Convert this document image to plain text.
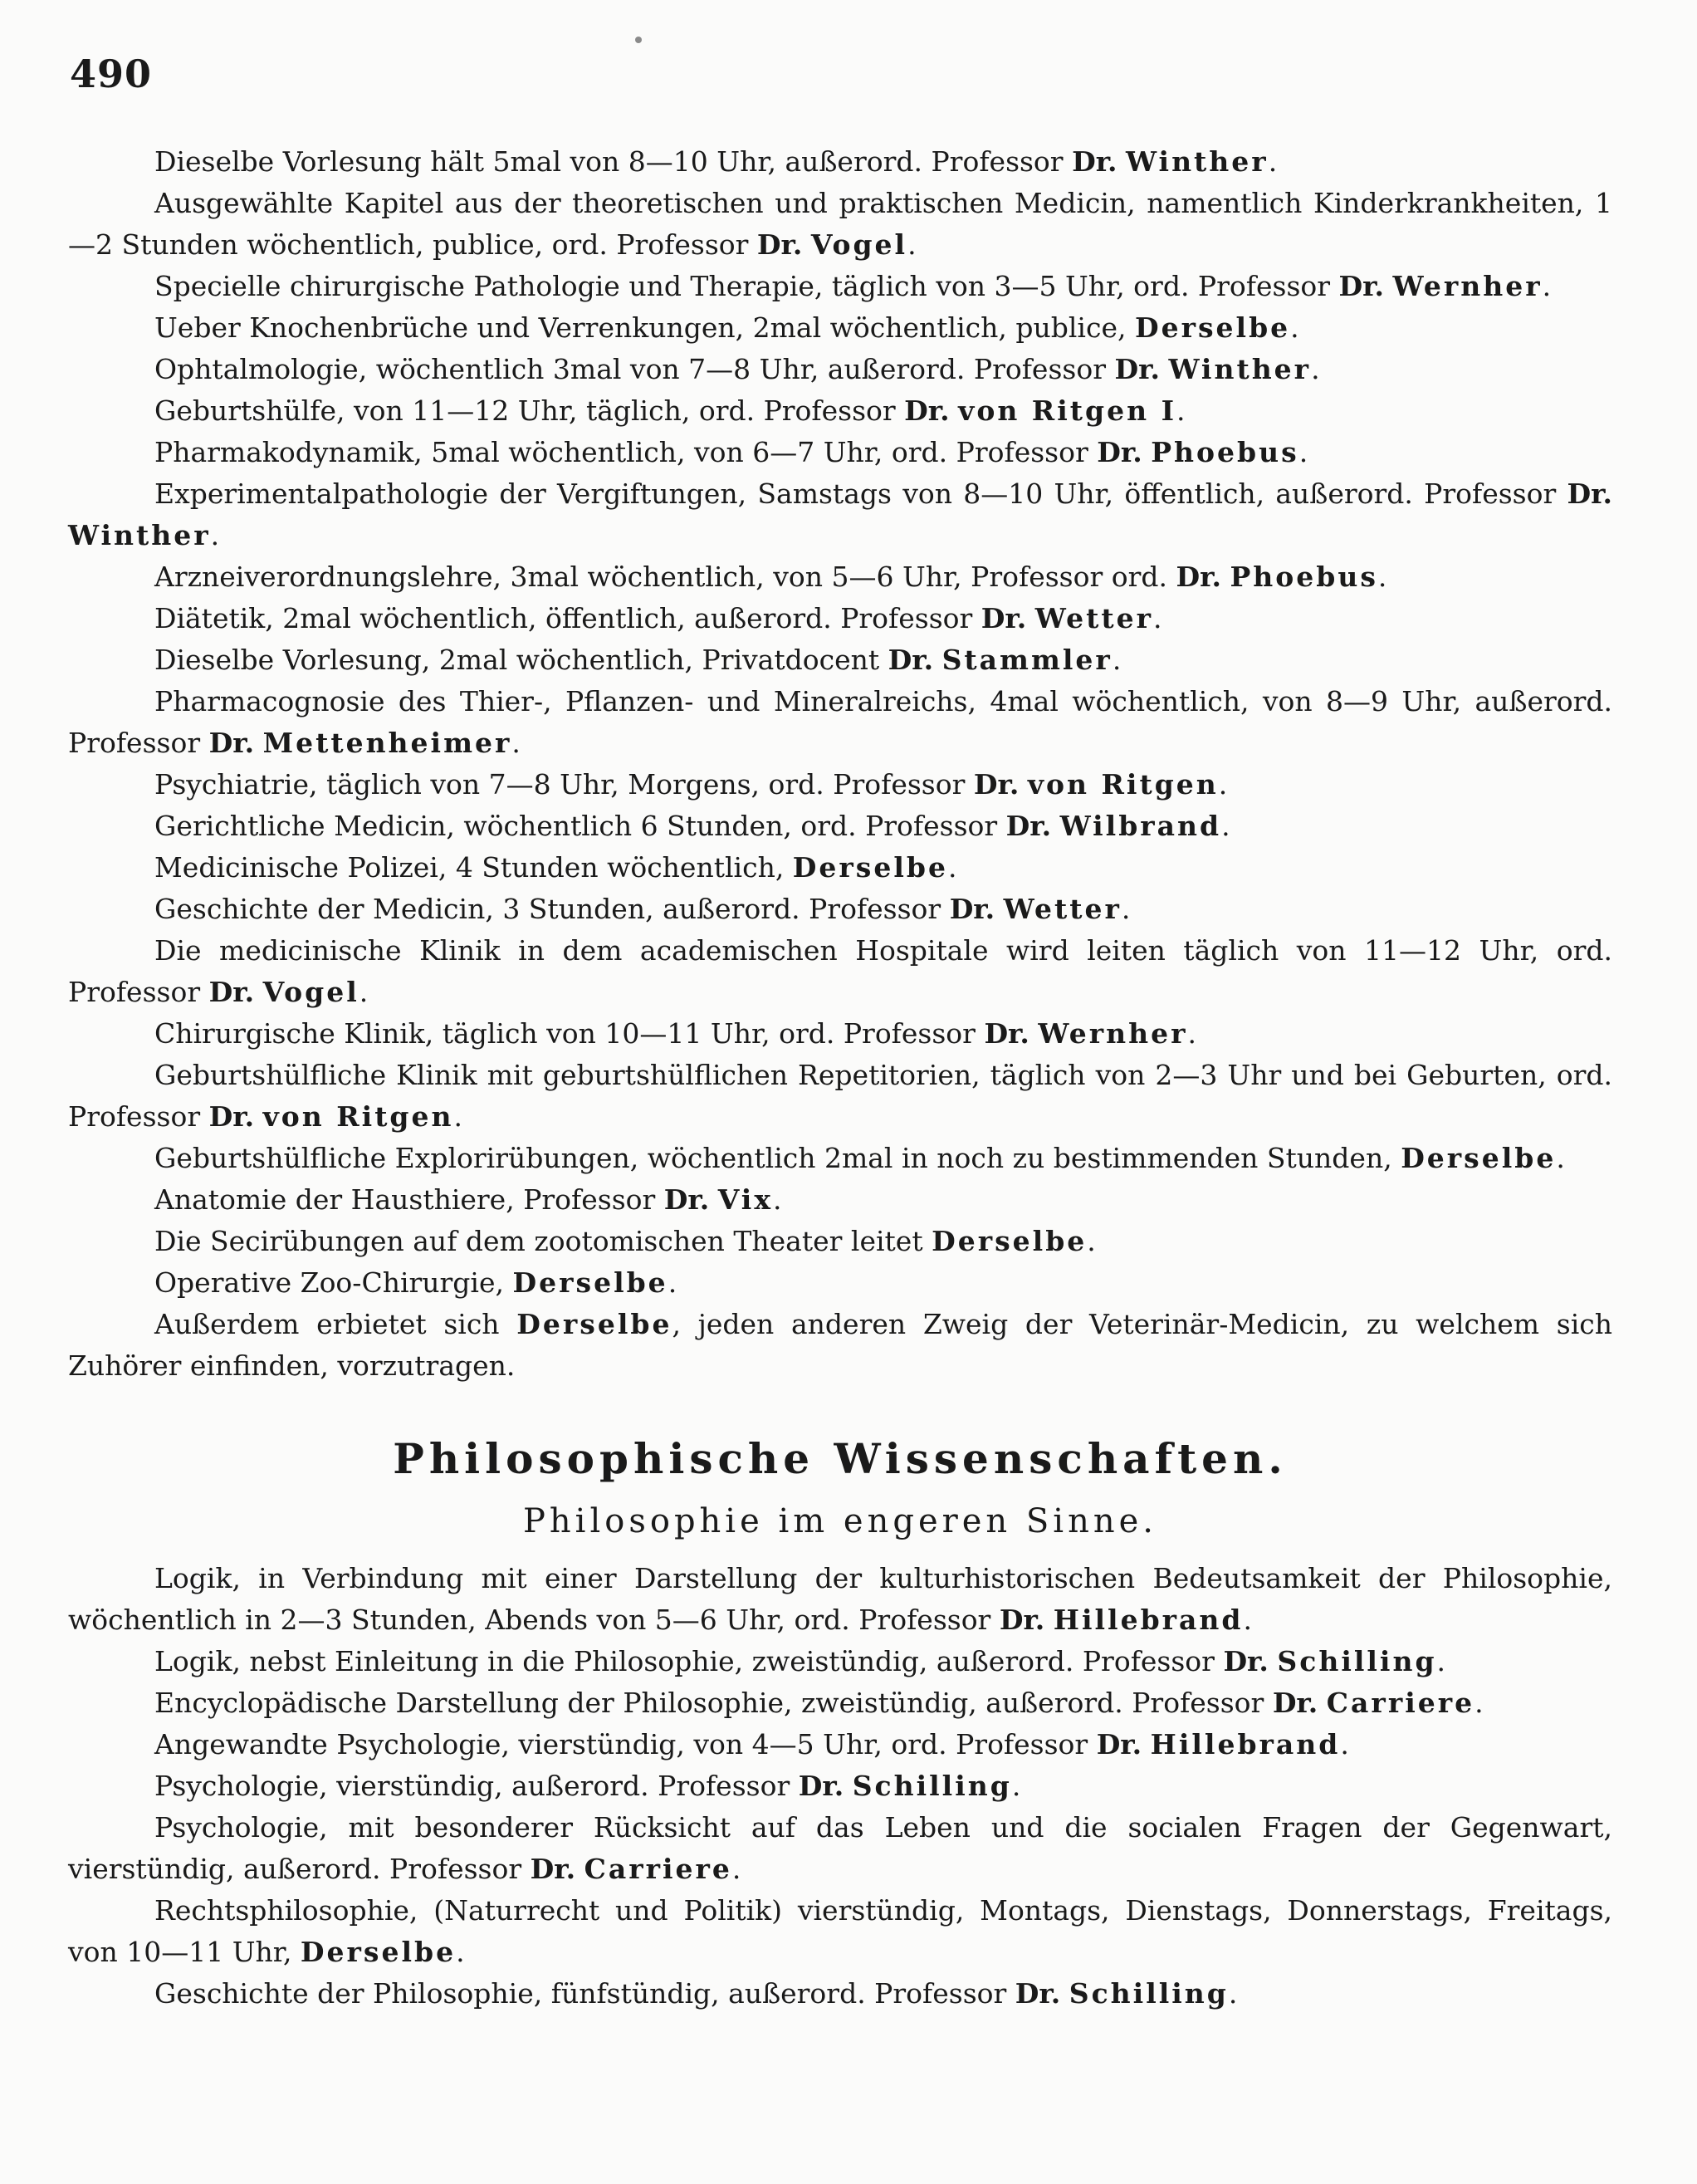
490

Dieselbe Vorlesung hält 5mal von 8—10 Uhr, außerord. Professor Dr. Winther.

Ausgewählte Kapitel aus der theoretischen und praktischen Medicin, namentlich Kinderkrankheiten, 1—2 Stunden wöchentlich, publice, ord. Professor Dr. Vogel.

Specielle chirurgische Pathologie und Therapie, täglich von 3—5 Uhr, ord. Professor Dr. Wernher.

Ueber Knochenbrüche und Verrenkungen, 2mal wöchentlich, publice, Derselbe.

Ophtalmologie, wöchentlich 3mal von 7—8 Uhr, außerord. Professor Dr. Winther.

Geburtshülfe, von 11—12 Uhr, täglich, ord. Professor Dr. von Ritgen I.

Pharmakodynamik, 5mal wöchentlich, von 6—7 Uhr, ord. Professor Dr. Phoebus.

Experimentalpathologie der Vergiftungen, Samstags von 8—10 Uhr, öffentlich, außerord. Professor Dr. Winther.

Arzneiverordnungslehre, 3mal wöchentlich, von 5—6 Uhr, Professor ord. Dr. Phoebus.

Diätetik, 2mal wöchentlich, öffentlich, außerord. Professor Dr. Wetter.

Dieselbe Vorlesung, 2mal wöchentlich, Privatdocent Dr. Stammler.

Pharmacognosie des Thier-, Pflanzen- und Mineralreichs, 4mal wöchentlich, von 8—9 Uhr, außerord. Professor Dr. Mettenheimer.

Psychiatrie, täglich von 7—8 Uhr, Morgens, ord. Professor Dr. von Ritgen.

Gerichtliche Medicin, wöchentlich 6 Stunden, ord. Professor Dr. Wilbrand.

Medicinische Polizei, 4 Stunden wöchentlich, Derselbe.

Geschichte der Medicin, 3 Stunden, außerord. Professor Dr. Wetter.

Die medicinische Klinik in dem academischen Hospitale wird leiten täglich von 11—12 Uhr, ord. Professor Dr. Vogel.

Chirurgische Klinik, täglich von 10—11 Uhr, ord. Professor Dr. Wernher.

Geburtshülfliche Klinik mit geburtshülflichen Repetitorien, täglich von 2—3 Uhr und bei Geburten, ord. Professor Dr. von Ritgen.

Geburtshülfliche Explorirübungen, wöchentlich 2mal in noch zu bestimmenden Stunden, Derselbe.

Anatomie der Hausthiere, Professor Dr. Vix.

Die Secirübungen auf dem zootomischen Theater leitet Derselbe.

Operative Zoo-Chirurgie, Derselbe.

Außerdem erbietet sich Derselbe, jeden anderen Zweig der Veterinär-Medicin, zu welchem sich Zuhörer einfinden, vorzutragen.

Philosophische Wissenschaften.
Philosophie im engeren Sinne.

Logik, in Verbindung mit einer Darstellung der kulturhistorischen Bedeutsamkeit der Philosophie, wöchentlich in 2—3 Stunden, Abends von 5—6 Uhr, ord. Professor Dr. Hillebrand.

Logik, nebst Einleitung in die Philosophie, zweistündig, außerord. Professor Dr. Schilling.

Encyclopädische Darstellung der Philosophie, zweistündig, außerord. Professor Dr. Carriere.

Angewandte Psychologie, vierstündig, von 4—5 Uhr, ord. Professor Dr. Hillebrand.

Psychologie, vierstündig, außerord. Professor Dr. Schilling.

Psychologie, mit besonderer Rücksicht auf das Leben und die socialen Fragen der Gegenwart, vierstündig, außerord. Professor Dr. Carriere.

Rechtsphilosophie, (Naturrecht und Politik) vierstündig, Montags, Dienstags, Donnerstags, Freitags, von 10—11 Uhr, Derselbe.

Geschichte der Philosophie, fünfstündig, außerord. Professor Dr. Schilling.
